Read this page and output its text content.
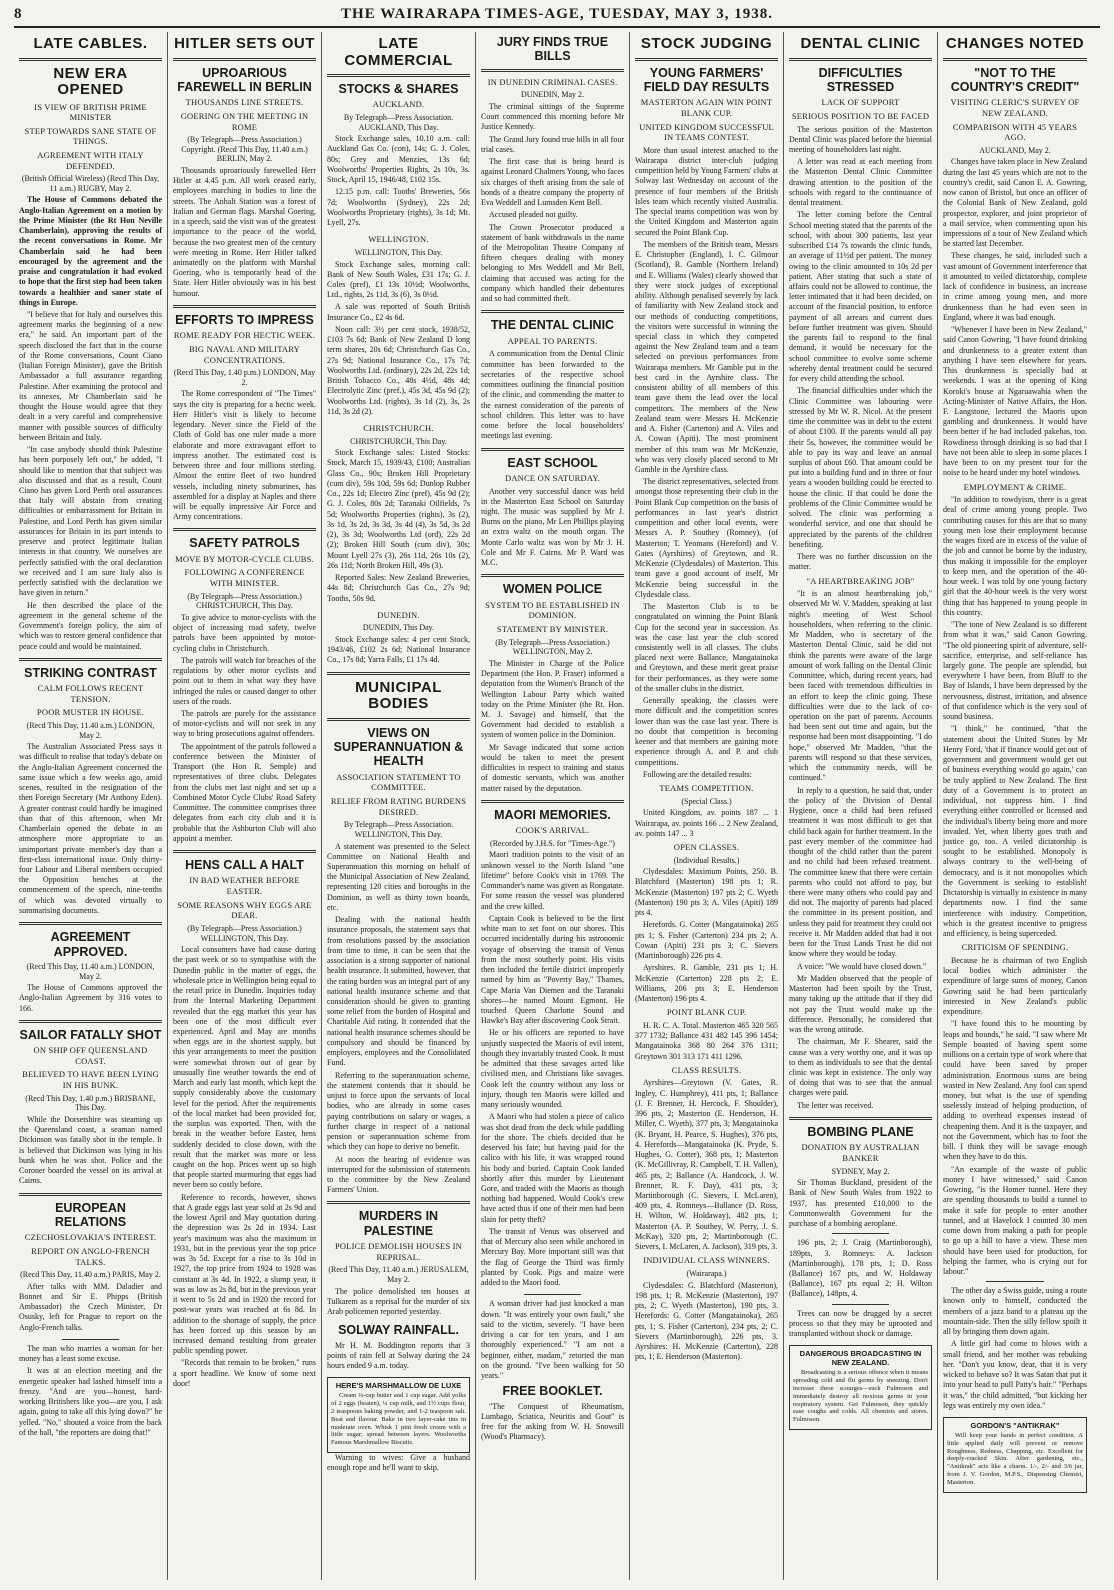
8	THE WAIRARAPA TIMES-AGE, TUESDAY, MAY 3, 1938.
LATE CABLES.
NEW ERA OPENED
IS VIEW OF BRITISH PRIME MINISTER
STEP TOWARDS SANE STATE OF THINGS.
AGREEMENT WITH ITALY DEFENDED.
(British Official Wireless) (Recd This Day, 11 a.m.) RUGBY, May 2.

The House of Commons debated the Anglo-Italian Agreement on a motion by the Prime Minister (the Rt Hon Neville Chamberlain), approving the results of the recent conversations in Rome. Mr Chamberlain said he had been encouraged by the agreement and the praise and congratulation it had evoked to hope that the first step had been taken towards a healthier and saner state of things in Europe.

"I believe that for Italy and ourselves this agreement marks the beginning of a new era," he said. An important part of the speech disclosed the fact that in the course of the Rome conversations, Count Ciano (Italian Foreign Minister), gave the British Ambassador a full assurance regarding Palestine. After examining the protocol and its annexes, Mr Chamberlain said he thought the House would agree that they dealt in a very careful and comprehensive manner with possible sources of difficulty between Britain and Italy.

"In case anybody should think Palestine has been purposely left out," he added, "I should like to mention that that subject was also discussed and that as a result, Count Ciano has given Lord Perth oral assurances that Italy will abstain from creating difficulties or embarrassment for Britain in Palestine, and Lord Perth has given similar assurances for Britain in its part intends to preserve and protect legitimate Italian interests in that country. We ourselves are perfectly satisfied with the oral declaration we received and I am sure Italy also is perfectly satisfied with the declaration we have given in return."

He then described the place of the agreement in the general scheme of the Government's foreign policy, the aim of which was to restore general confidence that peace could and would be maintained.

STRIKING CONTRAST
CALM FOLLOWS RECENT TENSION.
POOR MUSTER IN HOUSE.
(Recd This Day, 11.40 a.m.) LONDON, May 2.

The Australian Associated Press says it was difficult to realise that today's debate on the Anglo-Italian Agreement concerned the same issue which a few weeks ago, amid scenes, resulted in the resignation of the then Foreign Secretary (Mr Anthony Eden). A greater contrast could hardly be imagined than that of this afternoon, when Mr Chamberlain opened the debate in an atmosphere more appropriate to an unimportant private member's day than a first-class international issue. Only thirty-four Labour and Liberal members occupied the Opposition benches at the commencement of the speech, nine-tenths of which was devoted virtually to summarising documents.

AGREEMENT APPROVED.
(Recd This Day, 11.40 a.m.) LONDON, May 2.

The House of Commons approved the Anglo-Italian Agreement by 316 votes to 166.

SAILOR FATALLY SHOT
ON SHIP OFF QUEENSLAND COAST.
BELIEVED TO HAVE BEEN LYING IN HIS BUNK.
(Recd This Day, 1.40 p.m.) BRISBANE, This Day.

While the Dorsetshire was steaming up the Queensland coast, a seaman named Dickinson was fatally shot in the temple. It is believed that Dickinson was lying in his bunk when he was shot. Police and the Coroner boarded the vessel on its arrival at Cairns.

EUROPEAN RELATIONS
CZECHOSLOVAKIA'S INTEREST.
REPORT ON ANGLO-FRENCH TALKS.
(Recd This Day, 11.40 a.m.) PARIS, May 2.

After talks with MM. Daladier and Bonnet and Sir E. Phipps (British Ambassador) the Czech Minister, Dr Osusky, left for Prague to report on the Anglo-French talks.

The man who marries a woman for her money has a least some excuse.

It was at an election meeting and the energetic speaker had lashed himself into a frenzy. "And are you—honest, hard-working Britishers like you—are you, I ask again, going to take all this lying down?" he yelled. "No," shouted a voice from the back of the hall, "the reporters are doing that!"

HITLER SETS OUT
UPROARIOUS FAREWELL IN BERLIN
THOUSANDS LINE STREETS.
GOERING ON THE MEETING IN ROME
(By Telegraph—Press Association.) Copyright. (Recd This Day, 11.40 a.m.) BERLIN, May 2.

Thousands uproariously farewelled Herr Hitler at 4.45 p.m. All work ceased early, employees marching in bodies to line the streets. The Anhalt Station was a forest of Italian and German flags. Marshal Goering, in a speech, said the visit was of the greatest importance to the peace of the world, because the two greatest men of the century were meeting in Rome. Herr Hitler talked animatedly on the platform with Marshal Goering, who is temporarily head of the State. Herr Hitler obviously was in his best humour.

EFFORTS TO IMPRESS
ROME READY FOR HECTIC WEEK.
BIG NAVAL AND MILITARY CONCENTRATIONS.
(Recd This Day, 1.40 p.m.) LONDON, May 2.

The Rome correspondent of "The Times" says the city is preparing for a hectic week. Herr Hitler's visit is likely to become legendary. Never since the Field of the Cloth of Gold has one ruler made a more elaborate and more extravagant effort to impress another. The estimated cost is between three and four millions sterling. Almost the entire fleet of two hundred vessels, including ninety submarines, has assembled for a display at Naples and there will be equally impressive Air Force and Army concentrations.

SAFETY PATROLS
MOVE BY MOTOR-CYCLE CLUBS.
FOLLOWING A CONFERENCE WITH MINISTER.
(By Telegraph—Press Association.) CHRISTCHURCH, This Day.

To give advice to motor-cyclists with the object of increasing road safety, twelve patrols have been appointed by motor-cycling clubs in Christchurch.

The patrols will watch for breaches of the regulations by other motor cyclists and point out to them in what way they have infringed the rules or caused danger to other users of the roads.

The patrols are purely for the assistance of motor-cyclists and will not seek in any way to bring prosecutions against offenders.

The appointment of the patrols followed a conference between the Minister of Transport (the Hon R. Semple) and representatives of three clubs. Delegates from the clubs met last night and set up a Combined Motor Cycle Clubs' Road Safety Committee. The committee comprises three delegates from each city club and it is probable that the Ashburton Club will also appoint a member.

HENS CALL A HALT
IN BAD WEATHER BEFORE EASTER.
SOME REASONS WHY EGGS ARE DEAR.
(By Telegraph—Press Association.) WELLINGTON, This Day.

Local consumers have had cause during the past week or so to sympathise with the Dunedin public in the matter of eggs, the wholesale price in Wellington being equal to the retail price in Dunedin. Inquiries today from the Internal Marketing Department revealed that the egg market this year has been one of the most difficult ever experienced. April and May are months when eggs are in the shortest supply, but this year arrangements to meet the position were somewhat thrown out of gear by unusually fine weather towards the end of March and early last month, which kept the supply considerably above the customary level for the period. After the requirements of the local market had been provided for, the surplus was exported. Then, with the break in the weather before Easter, hens suddenly decided to close down, with the result that the market was more or less caught on the hop. Prices went up so high that people started murmuring that eggs had never been so costly before.

Reference to records, however, shows that A grade eggs last year sold at 2s 9d and the lowest April and May quotation during the depression was 2s 2d in 1934. Last year's maximum was also the maximum in 1931, but in the previous year the top price was 3s 5d. Except for a rise to 3s 10d in 1927, the top price from 1924 to 1928 was constant at 3s 4d. In 1922, a slump year, it was as low as 2s 8d, but in the previous year it went to 5s 2d and in 1920 the record for post-war years was reached at 6s 8d. In addition to the shortage of supply, the price has been forced up this season by an increased demand resulting from greater public spending power.

"Records that remain to be broken," runs a sport headline. We know of some next door!

LATE COMMERCIAL
STOCKS & SHARES
AUCKLAND.
By Telegraph—Press Association. AUCKLAND, This Day.

Stock Exchange sales, 10.10 a.m. call: Auckland Gas Co. (con), 14s; G. J. Coles, 80s; Grey and Menzies, 13s 6d; Woolworths' Properties Rights, 2s 10s, 3s. Stock, April 15, 1946/48, £102 15s.

12.15 p.m. call: Tooths' Breweries, 56s 7d; Woolworths (Sydney), 22s 2d; Woolworths Proprietary (rights), 3s 1d; Mt. Lyell, 27s.

WELLINGTON.
WELLINGTON, This Day.

Stock Exchange sales, morning call: Bank of New South Wales, £31 17s; G. J. Coles (pref), £1 13s 10½d; Woolworths, Ltd., rights, 2s 11d, 3s (6), 3s 0½d.

A sale was reported of South British Insurance Co., £2 4s 6d.

Noon call: 3½ per cent stock, 1938/52, £103 7s 6d; Bank of New Zealand D long term shares, 20s 6d; Christchurch Gas Co., 27s 9d; National Insurance Co., 17s 7d; Woolworths Ltd. (ordinary), 22s 2d, 22s 1d; British Tobacco Co., 48s 4½d, 48s 4d; Electrolytic Zinc (pref.), 45s 3d, 45s 9d (2); Woolworths Ltd. (rights), 3s 1d (2), 3s, 2s 11d, 3s 2d (2).

CHRISTCHURCH.
CHRISTCHURCH, This Day.

Stock Exchange sales: Listed Stocks: Stock, March 15, 1939/43, £100; Australian Glass Co., 90s; Broken Hill Proprietary (cum div), 59s 10d, 59s 6d; Dunlop Rubber Co., 22s 1d; Electro Zinc (pref), 45s 9d (2); G. J. Coles, 80s 2d; Taranaki Oilfields, 7s 5d; Woolworths Properties (rights), 3s (2), 3s 1d, 3s 2d, 3s 3d, 3s 4d (4), 3s 5d, 3s 2d (2), 3s 3d; Woolworths Ltd (ord), 22s 2d (2); Broken Hill South (cum div), 30s; Mount Lyell 27s (3), 26s 11d, 26s 10s (2), 26s 11d; North Broken Hill, 49s (3).

Reported Sales: New Zealand Breweries, 44s 8d; Christchurch Gas Co., 27s 9d; Tooths, 50s 9d.

DUNEDIN.
DUNEDIN, This Day.

Stock Exchange sales: 4 per cent Stock, 1943/46, £102 2s 6d; National Insurance Co., 17s 8d; Yarra Falls, £1 17s 4d.

MUNICIPAL BODIES
VIEWS ON SUPERANNUATION & HEALTH
ASSOCIATION STATEMENT TO COMMITTEE.
RELIEF FROM RATING BURDENS DESIRED.
By Telegraph—Press Association. WELLINGTON, This Day.

A statement was presented to the Select Committee on National Health and Superannuation this morning on behalf of the Municipal Association of New Zealand, representing 120 cities and boroughs in the Dominion, as well as thirty town boards, etc.

Dealing with the national health insurance proposals, the statement says that from resolutions passed by the association from time to time, it can be seen that the association is a strong supporter of national health insurance. It submitted, however, that the rating burden was an integral part of any national health insurance scheme and that consideration should be given to granting some relief from the burden of Hospital and Charitable Aid rating. It contended that the national health insurance schemes should be compulsory and should be financed by employers, employees and the Consolidated Fund.

Referring to the superannuation scheme, the statement contends that it should be unjust to force upon the servants of local bodies, who are already in some cases paying contributions on salary or wages, a further charge in respect of a national pension or superannuation scheme from which they can hope to derive no benefit.

At noon the hearing of evidence was interrupted for the submission of statements to the committee by the New Zealand Farmers' Union.

MURDERS IN PALESTINE
POLICE DEMOLISH HOUSES IN REPRISAL.
(Recd This Day, 11.40 a.m.) JERUSALEM, May 2.

The police demolished ten houses at Tulkarem as a reprisal for the murder of six Arab policemen reported yesterday.

SOLWAY RAINFALL.

Mr H. M. Boddington reports that 3 points of rain fell at Solway during the 24 hours ended 9 a.m. today.

HERE'S MARSHMALLOW DE LUXE

Cream ¼-cup butter and 1 cup sugar. Add yolks of 2 eggs (beaten), ¼ cup milk, and 1½ cups flour, 2 teaspoons baking powder, and 1-2 teaspoon salt. Beat and flavour. Bake in two layer-cake tins in moderate oven. Whisk 1 pint fresh cream with a little sugar; spread between layers. Woolworths Famous Marshmallow Biscuits.

Warning to wives: Give a husband enough rope and he'll want to skip.

JURY FINDS TRUE BILLS
IN DUNEDIN CRIMINAL CASES.
DUNEDIN, May 2.

The criminal sittings of the Supreme Court commenced this morning before Mr Justice Kennedy.

The Grand Jury found true bills in all four trial cases.

The first case that is being heard is against Leonard Chalmers Young, who faces six charges of theft arising from the sale of bonds of a theatre company the property of Eva Weddell and Lumsden Kent Bell.

Accused pleaded not guilty.

The Crown Prosecutor produced a statement of bank withdrawals in the name of the Metropolitan Theatre Company of fifteen cheques dealing with money belonging to Mrs Weddell and Mr Bell, claiming that accused was acting for the company which handled their debentures and so had committed theft.

THE DENTAL CLINIC
APPEAL TO PARENTS.

A communication from the Dental Clinic committee has been forwarded to the secretaries of the respective school committees outlining the financial position of the clinic, and commending the matter to the earnest consideration of the parents of school children. This letter was to have come before the local householders' meetings last evening.

EAST SCHOOL
DANCE ON SATURDAY.

Another very successful dance was held in the Masterton East School on Saturday night. The music was supplied by Mr J. Burns on the piano, Mr Len Phillips playing an extra waltz on the mouth organ. The Monte Carlo waltz was won by Mr J. H. Cole and Mr F. Cairns. Mr P. Ward was M.C.

WOMEN POLICE
SYSTEM TO BE ESTABLISHED IN DOMINION.
STATEMENT BY MINISTER.
(By Telegraph—Press Association.) WELLINGTON, May 2.

The Minister in Charge of the Police Department (the Hon. P. Fraser) informed a deputation from the Women's Branch of the Wellington Labour Party which waited today on the Prime Minister (the Rt. Hon. M. J. Savage) and himself, that the Government had decided to establish a system of women police in the Dominion.

Mr Savage indicated that some action would be taken to meet the present difficulties in respect to training and status of domestic servants, which was another matter raised by the deputation.

MAORI MEMORIES.
COOK'S ARRIVAL.
(Recorded by J.H.S. for "Times-Age.")

Maori tradition points to the visit of an unknown vessel to the North Island "one lifetime" before Cook's visit in 1769. The Commander's name was given as Rongatate. For some reason the vessel was plundered and the crew killed.

Captain Cook is believed to be the first white man to set foot on our shores. This occurred incidentally during his astronomic voyage of observing the transit of Venus from the most southerly point. His visits then included the fertile district improperly named by him as "Poverty Bay," Thames, Cape Maria Van Diemen and the Taranaki shores—he named Mount Egmont. He touched Queen Charlotte Sound and Hawke's Bay after discovering Cook Strait.

He or his officers are reported to have unjustly suspected the Maoris of evil intent, though they invariably trusted Cook. It must be admitted that these savages acted like civilised men, and Christians like savages. Cook left the country without any loss or injury, though ten Maoris were killed and many seriously wounded.

A Maori who had stolen a piece of calico was shot dead from the deck while paddling for the shore. The chiefs decided that he deserved his fate; but having paid for the calico with his life, it was wrapped round his body and buried. Captain Cook landed shortly after this murder by Lieutenant Gore, and traded with the Maoris as though nothing had happened. Would Cook's crew have acted thus if one of their men had been slain for petty theft?

The transit of Venus was observed and that of Mercury also seen while anchored in Mercury Bay. More important still was that the flag of George the Third was firmly planted by Cook. Pigs and maize were added to the Maori food.

A woman driver had just knocked a man down. "It was entirely your own fault," she said to the victim, severely. "I have been driving a car for ten years, and I am thoroughly experienced." "I am not a beginner, either, madam," retorted the man on the ground. "I've been walking for 50 years."

FREE BOOKLET.

"The Conquest of Rheumatism, Lumbago, Sciatica, Neuritis and Gout" is free for the asking from W. H. Snowsill (Wood's Pharmacy).

STOCK JUDGING
YOUNG FARMERS' FIELD DAY RESULTS
MASTERTON AGAIN WIN POINT BLANK CUP.
UNITED KINGDOM SUCCESSFUL IN TEAMS CONTEST.

More than usual interest attached to the Wairarapa district inter-club judging competition held by Young Farmers' clubs at Solway last Wednesday on account of the presence of four members of the British Isles team which recently visited Australia. The special teams competition was won by the United Kingdom and Masterton again secured the Point Blank Cup.

The members of the British team, Messrs E. Christopher (England), I. C. Gilmour (Scotland), R. Gamble (Northern Ireland) and E. Williams (Wales) clearly showed that they were stock judges of exceptional ability. Although penalised severely by lack of familiarity with New Zealand stock and our methods of conducting competitions, the visitors were successful in winning the special class in which they competed against the New Zealand team and a team selected on previous performances from Wairarapa members. Mr Gamble put in the best card in the Ayrshire class. The consistent ability of all members of this team gave them the lead over the local competitors. The members of the New Zealand team were Messrs H. McKenzie and A. Fisher (Carterton) and A. Viles and A. Cowan (Apiti). The most prominent member of this team was Mr McKenzie, who was very closely placed second to Mr Gamble in the Ayrshire class.

The district representatives, selected from amongst those representing their club in the Point Blank Cup competition on the basis of performances in last year's district competition and other local events, were Messrs A. P. Southey (Romney), (of Masterton; T. Yeomans (Hereford) and V. Gates (Ayrshires) of Greytown, and R. McKenzie (Clydesdales) of Masterton. This team gave a good account of itself, Mr McKenzie being successful in the Clydesdale class.

The Masterton Club is to be congratulated on winning the Point Blank Cup for the second year in succession. As was the case last year the club scored consistently well in all classes. The clubs placed next were Ballance, Mangatainoka and Greytown, and these merit great praise for their performances, as they were some of the smaller clubs in the district.

Generally speaking, the classes were more difficult and the competition scores lower than was the case last year. There is no doubt that competition is becoming keener and that members are gaining more experience through A. and P. and club competitions.

Following are the detailed results:

TEAMS COMPETITION.
(Special Class.)

United Kingdom, av. points 187 ... 1 Wairarapa, av. points 166 ... 2 New Zealand, av. points 147 ... 3

OPEN CLASSES.
(Individual Results.)

Clydesdales: Maximum Points, 250. B. Blatchford (Masterton) 198 pts 1; R. McKenzie (Masterton) 197 pts 2; C. Wyeth (Masterton) 190 pts 3; A. Viles (Apiti) 189 pts 4.

Herefords. G. Cotter (Mangatainoka) 265 pts 1; S. Fisher (Carterton) 234 pts 2; A. Cowan (Apiti) 231 pts 3; C. Sievers (Martinborough) 226 pts 4.

Ayrshires. R. Gamble, 231 pts 1; H. McKenzie (Carterton) 228 pts 2; E. Williams, 206 pts 3; E. Henderson (Masterton) 196 pts 4.

POINT BLANK CUP.

H. R. C. A. Total. Masterton 465 320 565 377 1732; Ballance 431 482 145 396 1454; Mangatainoka 368 80 264 376 1311; Greytown 301 313 171 411 1296.

CLASS RESULTS.

Ayrshires—Greytown (V. Gates, R. Ingley, C. Humphrey), 411 pts, 1; Ballance (J. F. Brenner, H. Hercock, F. Shoulder), 396 pts, 2; Masterton (E. Henderson, H. Miller, C. Wyeth), 377 pts, 3; Mangatainoka (K. Bryant, H. Pearce, S. Hughes), 376 pts, 4. Herefords—Mangatainoka (K. Pryde, S. Hughes, G. Cotter), 368 pts, 1; Masterton (K. McGillivray, R. Campbell, T. H. Vallen), 465 pts, 2; Ballance (A. Handcock, J. W. Brenner, R. F. Day), 431 pts, 3; Martinborough (C. Sievers, I. McLaren), 409 pts, 4. Romneys—Ballance (D. Ross, H. Wilton, W. Holdaway), 482 pts, 1; Masterton (A. P. Southey, W. Perry, J. S. McKay), 320 pts, 2; Martinborough (C. Sievers, I. McLaren, A. Jackson), 319 pts, 3.

INDIVIDUAL CLASS WINNERS.
(Wairarapa.)

Clydesdales: G. Blatchford (Masterton), 198 pts, 1; R. McKenzie (Masterton), 197 pts, 2; C. Wyeth (Masterton), 190 pts, 3. Herefords: G. Cotter (Mangatainoka), 265 pts, 1; S. Fisher (Carterton), 234 pts, 2; C. Sievers (Martinborough), 226 pts, 3. Ayrshires: H. McKenzie (Carterton), 228 pts, 1; E. Henderson (Masterton).

DENTAL CLINIC
DIFFICULTIES STRESSED
LACK OF SUPPORT
SERIOUS POSITION TO BE FACED

The serious position of the Masterton Dental Clinic was placed before the biennial meeting of householders last night.

A letter was read at each meeting from the Masterton Dental Clinic Committee drawing attention to the position of the schools with regard to the continuance of dental treatment.

The letter coming before the Central School meeting stated that the parents of the school, with about 300 patients, last year subscribed £14 7s towards the clinic funds, an average of 11½d per patient. The money owing to the clinic amounted to 10s 2d per patient. After stating that such a state of affairs could not be allowed to continue, the letter intimated that it had been decided, on account of the financial position, to enforce payment of all arrears and current dues before further treatment was given. Should the parents fail to respond to the final demand, it would be necessary for the school committee to evolve some scheme whereby dental treatment could be secured for every child attending the school.

The financial difficulties under which the Clinic Committee was labouring were stressed by Mr W. R. Nicol. At the present time the committee was in debt to the extent of about £100. If the parents would all pay their 5s, however, the committee would be able to pay its way and leave an annual surplus of about £60. That amount could be put into a building fund and in three or four years a wooden building could be erected to house the clinic. If that could be done the problems of the Clinic Committee would be solved. The clinic was performing a wonderful service, and one that should be appreciated by the parents of the children benefiting.

There was no further discussion on the matter.

"A HEARTBREAKING JOB"

"It is an almost heartbreaking job," observed Mr W. V. Madden, speaking at last night's meeting of West School householders, when referring to the clinic. Mr Madden, who is secretary of the Masterton Dental Clinic, said he did not think the parents were aware of the large amount of work falling on the Dental Clinic Committee, which, during recent years, had been faced with tremendous difficulties in an effort to keep the clinic going. These difficulties were due to the lack of co-operation on the part of parents. Accounts had been sent out time and again, but the response had been most disappointing. "I do hope," observed Mr Madden, "that the parents will respond so that these services, which the community needs, will be continued."

In reply to a question, he said that, under the policy of the Division of Dental Hygiene, once a child had been refused treatment it was most difficult to get that child back again for further treatment. In the past every member of the committee had thought of the child rather than the parent and no child had been refused treatment. The committee knew that there were certain parents who could not afford to pay, but there were many others who could pay and did not. The majority of parents had placed the committee in its present position, and unless they paid for treatment they could not receive it. Mr Madden added that had it not been for the Trust Lands Trust he did not know where they would be today.

A voice: "We would have closed down."

Mr Madden observed that the people of Masterton had been spoilt by the Trust, many taking up the attitude that if they did not pay the Trust would make up the difference. Personally, he considered that was the wrong attitude.

The chairman, Mr F. Shearer, said the cause was a very worthy one, and it was up to them as individuals to see that the dental clinic was kept in existence. The only way of doing that was to see that the annual charges were paid.

The letter was received.

BOMBING PLANE
DONATION BY AUSTRALIAN BANKER
SYDNEY, May 2.

Sir Thomas Buckland, president of the Bank of New South Wales from 1922 to 1937, has presented £10,000 to the Commonwealth Government for the purchase of a bombing aeroplane.

196 pts, 2; J. Craig (Martinborough), 189pts, 3. Romneys: A. Jackson (Martinborough), 178 pts, 1; D. Ross (Ballance) 167 pts, and W. Holdaway (Ballance), 167 pts equal 2; H. Wilton (Ballance), 148pts, 4.

Trees can now be drugged by a secret process so that they may be uprooted and transplanted without shock or damage.

DANGEROUS BROADCASTING IN NEW ZEALAND.

Broadcasting is a serious offence when it means spreading cold and flu germs by sneezing. Don't increase these scourges—suck Fulmoson and immediately destroy all noxious germs in your respiratory system. Get Fulmoson, they quickly ease coughs and colds. All chemists and stores. Fulmoson.

CHANGES NOTED
"NOT TO THE COUNTRY'S CREDIT"
VISITING CLERIC'S SURVEY OF NEW ZEALAND.
COMPARISON WITH 45 YEARS AGO.
AUCKLAND, May 2.

Changes have taken place in New Zealand during the last 45 years which are not to the country's credit, said Canon E. A. Gowring, now canon of Bristol, but once an officer of the Colonial Bank of New Zealand, gold prospector, explorer, and joint proprietor of a mail service, when commenting upon his impressions of a tour of New Zealand which he started last December.

These changes, he said, included such a vast amount of Government interference that it amounted to veiled dictatorship, complete lack of confidence in business, an increase in crime among young men, and more drunkenness than he had even seen in England, where it was bad enough.

"Whenever I have been in New Zealand," said Canon Gowring, "I have found drinking and drunkenness to a greater extent than anything I have seen elsewhere for years. This drunkenness is specially bad at weekends. I was at the opening of King Koroki's house at Ngaruawahia when the Acting-Minister of Native Affairs, the Hon. F. Langstone, lectured the Maoris upon gambling and drunkenness. It would have been better if he had included pakehas, too. Rowdiness through drinking is so bad that I have not been able to sleep in some places I have been to on my present tour for the noise to be heard under my hotel windows.

EMPLOYMENT & CRIME.

"In addition to rowdyism, there is a great deal of crime among young people. Two contributing causes for this are that so many young men lose their employment because the wages fixed are in excess of the value of the job and cannot be borne by the industry, thus making it impossible for the employer to keep men, and the operation of the 40-hour week. I was told by one young factory girl that the 40-hour week is the very worst thing that has happened to young people in this country.

"The tone of New Zealand is so different from what it was," said Canon Gowring. "The old pioneering spirit of adventure, self-sacrifice, enterprise, and self-reliance has largely gone. The people are splendid, but everywhere I have been, from Bluff to the Bay of Islands, I have been depressed by the nervousness, distrust, irritation, and absence of that confidence which is the very soul of sound business.

"I think," he continued, "that the statement about the United States by Mr Henry Ford, 'that if finance would get out of government and government would get out of business everything would go again,' can be truly applied to New Zealand. The first duty of a Government is to protect an individual, not suppress him. I find everything either controlled or licensed and the individual's liberty being more and more invaded. Yet, when liberty goes truth and justice go, too. A veiled dictatorship is sought to be established. Monopoly is always contrary to the well-being of democracy, and is it not monopolies which the Government is seeking to establish! Dictatorship is virtually in existence in many departments now. I find the same interference with industry. Competition, which is the greatest incentive to progress and efficiency, is being superceded.

CRITICISM OF SPENDING.

Because he is chairman of two English local bodies which administer the expenditure of large sums of money, Canon Gowring said he had been particularly interested in New Zealand's public expenditure.

"I have found this to be mounting by leaps and bounds," he said. "I saw where Mr Semple boasted of having spent some millions on a certain type of work where that could have been saved by proper administration. Enormous sums are being wasted in New Zealand. Any fool can spend money, but what is the use of spending uselessly instead of helping production, of adding to overhead expenses instead of cheapening them. And it is the taxpayer, and not the Government, which has to foot the bill. I think they will be savage enough when they have to do this.

"An example of the waste of public money I have witnessed," said Canon Gowring, "is the Homer tunnel. Here they are spending thousands to build a tunnel to make it safe for people to enter another tunnel, and at Havelock I counted 30 men come down from making a path for people to go up a hill to have a view. These men should have been used for production, for helping the farmer, who is crying out for labour."

The other day a Swiss guide, using a route known only to himself, conducted the members of a jazz band to a plateau up the mountain-side. Then the silly fellow spoilt it all by bringing them down again.

A little girl had come to blows with a small friend, and her mother was rebuking her. "Don't you know, dear, that it is very wicked to behave so? It was Satan that put it into your head to pull Patty's hair." "Perhaps it was," the child admitted, "but kicking her legs was entirely my own idea."

GORDON'S "ANTIKRAK"

Will keep your hands in perfect condition. A little applied daily will prevent or remove Roughness, Redness, Chapping, etc. Excellent for deeply-cracked Skin. After gardening, etc., "Antikrak" acts like a charm. 1/-, 2/- and 3/6 jar, from J. V. Gordon, M.P.S., Dispensing Chemist, Masterton.
